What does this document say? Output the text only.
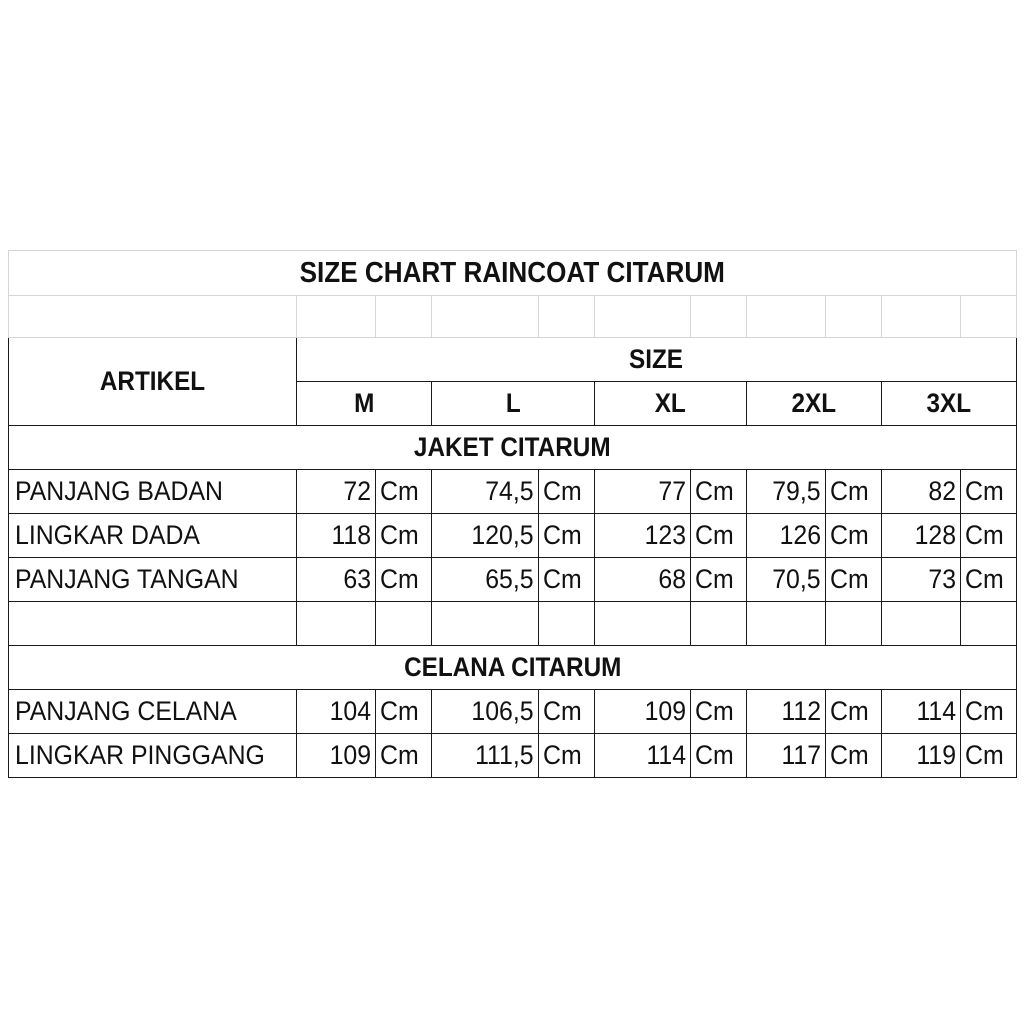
SIZE CHART RAINCOAT CITARUM										

ARTIKEL	SIZE									
	M		L		XL		2XL		3XL	
JAKET CITARUM										
PANJANG BADAN	72	Cm	74,5	Cm	77	Cm	79,5	Cm	82	Cm
LINGKAR DADA	118	Cm	120,5	Cm	123	Cm	126	Cm	128	Cm
PANJANG TANGAN	63	Cm	65,5	Cm	68	Cm	70,5	Cm	73	Cm

CELANA CITARUM										
PANJANG CELANA	104	Cm	106,5	Cm	109	Cm	112	Cm	114	Cm
LINGKAR PINGGANG	109	Cm	111,5	Cm	114	Cm	117	Cm	119	Cm
